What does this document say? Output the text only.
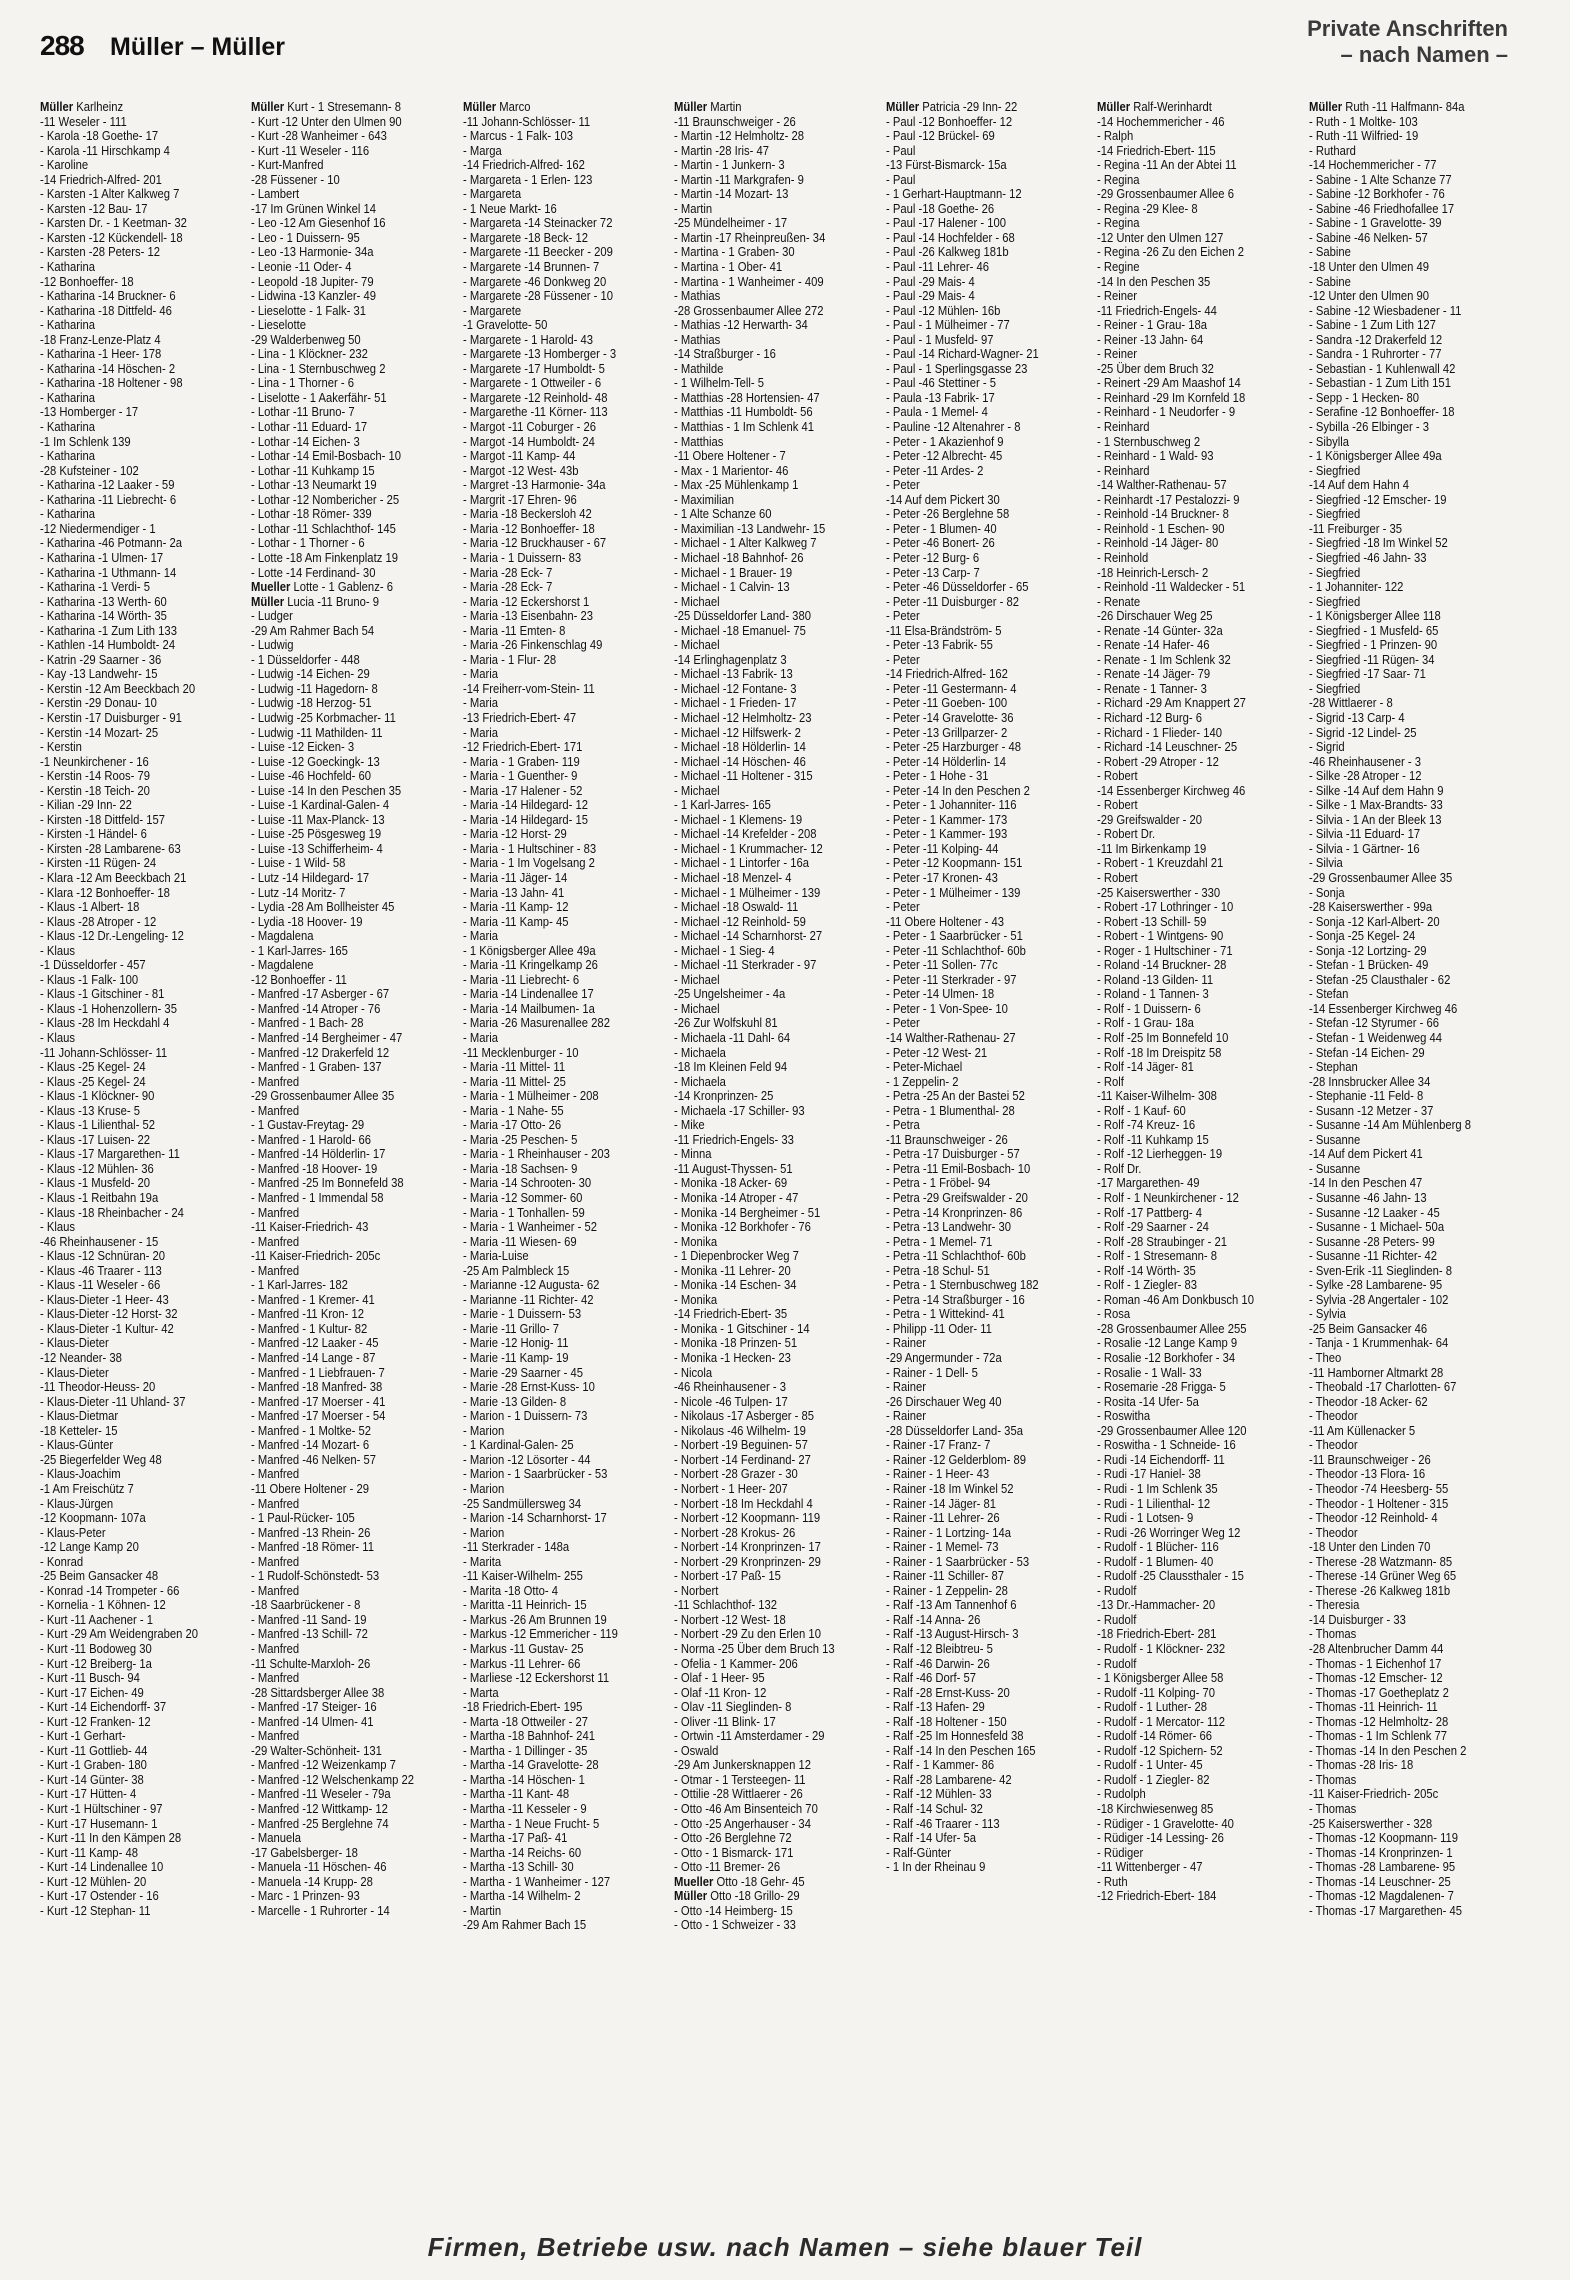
288 Müller – Müller
Private Anschriften
– nach Namen –
Müller Karlheinz
-11 Weseler - 111
- Karola -18 Goethe- 17
- Karola -11 Hirschkamp 4
- Karoline
-14 Friedrich-Alfred- 201
- Karsten -1 Alter Kalkweg 7
- Karsten -12 Bau- 17
- Karsten Dr. - 1 Keetman- 32
- Karsten -12 Kückendell- 18
- Karsten -28 Peters- 12
- Katharina
-12 Bonhoeffer- 18
- Katharina -14 Bruckner- 6
- Katharina -18 Dittfeld- 46
- Katharina
-18 Franz-Lenze-Platz 4
- Katharina -1 Heer- 178
- Katharina -14 Höschen- 2
- Katharina -18 Holtener - 98
- Katharina
-13 Homberger - 17
- Katharina
-1 Im Schlenk 139
- Katharina
-28 Kufsteiner - 102
- Katharina -12 Laaker - 59
- Katharina -11 Liebrecht- 6
- Katharina
-12 Niedermendiger - 1
- Katharina -46 Potmann- 2a
- Katharina -1 Ulmen- 17
- Katharina -1 Uthmann- 14
- Katharina -1 Verdi- 5
- Katharina -13 Werth- 60
- Katharina -14 Wörth- 35
- Katharina -1 Zum Lith 133
- Kathlen -14 Humboldt- 24
- Katrin -29 Saarner - 36
- Kay -13 Landwehr- 15
- Kerstin -12 Am Beeckbach 20
- Kerstin -29 Donau- 10
- Kerstin -17 Duisburger - 91
- Kerstin -14 Mozart- 25
- Kerstin
-1 Neunkirchener - 16
- Kerstin -14 Roos- 79
- Kerstin -18 Teich- 20
- Kilian -29 Inn- 22
- Kirsten -18 Dittfeld- 157
- Kirsten -1 Händel- 6
- Kirsten -28 Lambarene- 63
- Kirsten -11 Rügen- 24
- Klara -12 Am Beeckbach 21
- Klara -12 Bonhoeffer- 18
- Klaus -1 Albert- 18
- Klaus -28 Atroper - 12
- Klaus -12 Dr.-Lengeling- 12
- Klaus
-1 Düsseldorfer - 457
- Klaus -1 Falk- 100
- Klaus -1 Gitschiner - 81
- Klaus -1 Hohenzollern- 35
- Klaus -28 Im Heckdahl 4
- Klaus
-11 Johann-Schlösser- 11
- Klaus -25 Kegel- 24
- Klaus -25 Kegel- 24
- Klaus -1 Klöckner- 90
- Klaus -13 Kruse- 5
- Klaus -1 Lilienthal- 52
- Klaus -17 Luisen- 22
- Klaus -17 Margarethen- 11
- Klaus -12 Mühlen- 36
- Klaus -1 Musfeld- 20
- Klaus -1 Reitbahn 19a
- Klaus -18 Rheinbacher - 24
- Klaus
-46 Rheinhausener - 15
- Klaus -12 Schnüran- 20
- Klaus -46 Traarer - 113
- Klaus -11 Weseler - 66
- Klaus-Dieter -1 Heer- 43
- Klaus-Dieter -12 Horst- 32
- Klaus-Dieter -1 Kultur- 42
- Klaus-Dieter
-12 Neander- 38
- Klaus-Dieter
-11 Theodor-Heuss- 20
- Klaus-Dieter -11 Uhland- 37
- Klaus-Dietmar
-18 Ketteler- 15
- Klaus-Günter
-25 Biegerfelder Weg 48
- Klaus-Joachim
-1 Am Freischütz 7
- Klaus-Jürgen
-12 Koopmann- 107a
- Klaus-Peter
-12 Lange Kamp 20
- Konrad
-25 Beim Gansacker 48
- Konrad -14 Trompeter - 66
- Kornelia - 1 Köhnen- 12
- Kurt -11 Aachener - 1
- Kurt -29 Am Weidengraben 20
- Kurt -11 Bodoweg 30
- Kurt -12 Breiberg- 1a
- Kurt -11 Busch- 94
- Kurt -17 Eichen- 49
- Kurt -14 Eichendorff- 37
- Kurt -12 Franken- 12
- Kurt -1 Gerhart-
- Kurt -11 Gottlieb- 44
- Kurt -1 Graben- 180
- Kurt -14 Günter- 38
- Kurt -17 Hütten- 4
- Kurt -1 Hültschiner - 97
- Kurt -17 Husemann- 1
- Kurt -11 In den Kämpen 28
- Kurt -11 Kamp- 48
- Kurt -14 Lindenallee 10
- Kurt -12 Mühlen- 20
- Kurt -17 Ostender - 16
- Kurt -12 Stephan- 11
Müller Kurt - 1 Stresemann- 8
- Kurt -12 Unter den Ulmen 90
- Kurt -28 Wanheimer - 643
- Kurt -11 Weseler - 116
- Kurt-Manfred
-28 Füssener - 10
- Lambert
-17 Im Grünen Winkel 14
- Leo -12 Am Giesenhof 16
- Leo - 1 Duissern- 95
- Leo -13 Harmonie- 34a
- Leonie -11 Oder- 4
- Leopold -18 Jupiter- 79
- Lidwina -13 Kanzler- 49
- Lieselotte - 1 Falk- 31
- Lieselotte
-29 Walderbenweg 50
- Lina - 1 Klöckner- 232
- Lina - 1 Sternbuschweg 2
- Lina - 1 Thorner - 6
- Liselotte - 1 Aakerfähr- 51
- Lothar -11 Bruno- 7
- Lothar -11 Eduard- 17
- Lothar -14 Eichen- 3
- Lothar -14 Emil-Bosbach- 10
- Lothar -11 Kuhkamp 15
- Lothar -13 Neumarkt 19
- Lothar -12 Nombericher - 25
- Lothar -18 Römer- 339
- Lothar -11 Schlachthof- 145
- Lothar - 1 Thorner - 6
- Lotte -18 Am Finkenplatz 19
- Lotte -14 Ferdinand- 30
Mueller Lotte - 1 Gablenz- 6
Müller Lucia -11 Bruno- 9
- Ludger
-29 Am Rahmer Bach 54
- Ludwig
- 1 Düsseldorfer - 448
- Ludwig -14 Eichen- 29
- Ludwig -11 Hagedorn- 8
- Ludwig -18 Herzog- 51
- Ludwig -25 Korbmacher- 11
- Ludwig -11 Mathilden- 11
- Luise -12 Eicken- 3
- Luise -12 Goeckingk- 13
- Luise -46 Hochfeld- 60
- Luise -14 In den Peschen 35
- Luise -1 Kardinal-Galen- 4
- Luise -11 Max-Planck- 13
- Luise -25 Pösgesweg 19
- Luise -13 Schifferheim- 4
- Luise - 1 Wild- 58
- Lutz -14 Hildegard- 17
- Lutz -14 Moritz- 7
- Lydia -28 Am Bollheister 45
- Lydia -18 Hoover- 19
- Magdalena
- 1 Karl-Jarres- 165
- Magdalene
-12 Bonhoeffer - 11
- Manfred -17 Asberger - 67
- Manfred -14 Atroper - 76
- Manfred - 1 Bach- 28
- Manfred -14 Bergheimer - 47
- Manfred -12 Drakerfeld 12
- Manfred - 1 Graben- 137
- Manfred
-29 Grossenbaumer Allee 35
- Manfred
- 1 Gustav-Freytag- 29
- Manfred - 1 Harold- 66
- Manfred -14 Hölderlin- 17
- Manfred -18 Hoover- 19
- Manfred -25 Im Bonnefeld 38
- Manfred - 1 Immendal 58
- Manfred
-11 Kaiser-Friedrich- 43
- Manfred
-11 Kaiser-Friedrich- 205c
- Manfred
- 1 Karl-Jarres- 182
- Manfred - 1 Kremer- 41
- Manfred -11 Kron- 12
- Manfred - 1 Kultur- 82
- Manfred -12 Laaker - 45
- Manfred -14 Lange - 87
- Manfred - 1 Liebfrauen- 7
- Manfred -18 Manfred- 38
- Manfred -17 Moerser - 41
- Manfred -17 Moerser - 54
- Manfred - 1 Moltke- 52
- Manfred -14 Mozart- 6
- Manfred -46 Nelken- 57
- Manfred
-11 Obere Holtener - 29
- Manfred
- 1 Paul-Rücker- 105
- Manfred -13 Rhein- 26
- Manfred -18 Römer- 11
- Manfred
- 1 Rudolf-Schönstedt- 53
- Manfred
-18 Saarbrückener - 8
- Manfred -11 Sand- 19
- Manfred -13 Schill- 72
- Manfred
-11 Schulte-Marxloh- 26
- Manfred
-28 Sittardsberger Allee 38
- Manfred -17 Steiger- 16
- Manfred -14 Ulmen- 41
- Manfred
-29 Walter-Schönheit- 131
- Manfred -12 Weizenkamp 7
- Manfred -12 Welschenkamp 22
- Manfred -11 Weseler - 79a
- Manfred -12 Wittkamp- 12
- Manfred -25 Berglehne 74
- Manuela
-17 Gabelsberger- 18
- Manuela -11 Höschen- 46
- Manuela -14 Krupp- 28
- Marc - 1 Prinzen- 93
- Marcelle - 1 Ruhrorter - 14
Müller Marco
-11 Johann-Schlösser- 11
- Marcus - 1 Falk- 103
- Marga
-14 Friedrich-Alfred- 162
- Margareta - 1 Erlen- 123
- Margareta
- 1 Neue Markt- 16
- Margareta -14 Steinacker 72
- Margarete -18 Beck- 12
- Margarete -11 Beecker - 209
- Margarete -14 Brunnen- 7
- Margarete -46 Donkweg 20
- Margarete -28 Füssener - 10
- Margarete
-1 Gravelotte- 50
- Margarete - 1 Harold- 43
- Margarete -13 Homberger - 3
- Margarete -17 Humboldt- 5
- Margarete - 1 Ottweiler - 6
- Margarete -12 Reinhold- 48
- Margarethe -11 Körner- 113
- Margot -11 Coburger - 26
- Margot -14 Humboldt- 24
- Margot -11 Kamp- 44
- Margot -12 West- 43b
- Margret -13 Harmonie- 34a
- Margrit -17 Ehren- 96
- Maria -18 Beckersloh 42
- Maria -12 Bonhoeffer- 18
- Maria -12 Bruckhauser - 67
- Maria - 1 Duissern- 83
- Maria -28 Eck- 7
- Maria -28 Eck- 7
- Maria -12 Eckershorst 1
- Maria -13 Eisenbahn- 23
- Maria -11 Emten- 8
- Maria -26 Finkenschlag 49
- Maria - 1 Flur- 28
- Maria
-14 Freiherr-vom-Stein- 11
- Maria
-13 Friedrich-Ebert- 47
- Maria
-12 Friedrich-Ebert- 171
- Maria - 1 Graben- 119
- Maria - 1 Guenther- 9
- Maria -17 Halener - 52
- Maria -14 Hildegard- 12
- Maria -14 Hildegard- 15
- Maria -12 Horst- 29
- Maria - 1 Hultschiner - 83
- Maria - 1 Im Vogelsang 2
- Maria -11 Jäger- 14
- Maria -13 Jahn- 41
- Maria -11 Kamp- 12
- Maria -11 Kamp- 45
- Maria
- 1 Königsberger Allee 49a
- Maria -11 Kringelkamp 26
- Maria -11 Liebrecht- 6
- Maria -14 Lindenallee 17
- Maria -14 Mailbumen- 1a
- Maria -26 Masurenallee 282
- Maria
-11 Mecklenburger - 10
- Maria -11 Mittel- 11
- Maria -11 Mittel- 25
- Maria - 1 Mülheimer - 208
- Maria - 1 Nahe- 55
- Maria -17 Otto- 26
- Maria -25 Peschen- 5
- Maria - 1 Rheinhauser - 203
- Maria -18 Sachsen- 9
- Maria -14 Schrooten- 30
- Maria -12 Sommer- 60
- Maria - 1 Tonhallen- 59
- Maria - 1 Wanheimer - 52
- Maria -11 Wiesen- 69
- Maria-Luise
-25 Am Palmbleck 15
- Marianne -12 Augusta- 62
- Marianne -11 Richter- 42
- Marie - 1 Duissern- 53
- Marie -11 Grillo- 7
- Marie -12 Honig- 11
- Marie -11 Kamp- 19
- Marie -29 Saarner - 45
- Marie -28 Ernst-Kuss- 10
- Marie -13 Gilden- 8
- Marion - 1 Duissern- 73
- Marion
- 1 Kardinal-Galen- 25
- Marion -12 Lösorter - 44
- Marion - 1 Saarbrücker - 53
- Marion
-25 Sandmüllersweg 34
- Marion -14 Scharnhorst- 17
- Marion
-11 Sterkrader - 148a
- Marita
-11 Kaiser-Wilhelm- 255
- Marita -18 Otto- 4
- Maritta -11 Heinrich- 15
- Markus -26 Am Brunnen 19
- Markus -12 Emmericher - 119
- Markus -11 Gustav- 25
- Markus -11 Lehrer- 66
- Marliese -12 Eckershorst 11
- Marta
-18 Friedrich-Ebert- 195
- Marta -18 Ottweiler - 27
- Martha -18 Bahnhof- 241
- Martha - 1 Dillinger - 35
- Martha -14 Gravelotte- 28
- Martha -14 Höschen- 1
- Martha -11 Kant- 48
- Martha -11 Kesseler - 9
- Martha - 1 Neue Frucht- 5
- Martha -17 Paß- 41
- Martha -14 Reichs- 60
- Martha -13 Schill- 30
- Martha - 1 Wanheimer - 127
- Martha -14 Wilhelm- 2
- Martin
-29 Am Rahmer Bach 15
Müller Martin
-11 Braunschweiger - 26
- Martin -12 Helmholtz- 28
- Martin -28 Iris- 47
- Martin - 1 Junkern- 3
- Martin -11 Markgrafen- 9
- Martin -14 Mozart- 13
- Martin
-25 Mündelheimer - 17
- Martin -17 Rheinpreußen- 34
- Martina - 1 Graben- 30
- Martina - 1 Ober- 41
- Martina - 1 Wanheimer - 409
- Mathias
-28 Grossenbaumer Allee 272
- Mathias -12 Herwarth- 34
- Mathias
-14 Straßburger - 16
- Mathilde
- 1 Wilhelm-Tell- 5
- Matthias -28 Hortensien- 47
- Matthias -11 Humboldt- 56
- Matthias - 1 Im Schlenk 41
- Matthias
-11 Obere Holtener - 7
- Max - 1 Marientor- 46
- Max -25 Mühlenkamp 1
- Maximilian
- 1 Alte Schanze 60
- Maximilian -13 Landwehr- 15
- Michael - 1 Alter Kalkweg 7
- Michael -18 Bahnhof- 26
- Michael - 1 Brauer- 19
- Michael - 1 Calvin- 13
- Michael
-25 Düsseldorfer Land- 380
- Michael -18 Emanuel- 75
- Michael
-14 Erlinghagenplatz 3
- Michael -13 Fabrik- 13
- Michael -12 Fontane- 3
- Michael - 1 Frieden- 17
- Michael -12 Helmholtz- 23
- Michael -12 Hilfswerk- 2
- Michael -18 Hölderlin- 14
- Michael -14 Höschen- 46
- Michael -11 Holtener - 315
- Michael
- 1 Karl-Jarres- 165
- Michael - 1 Klemens- 19
- Michael -14 Krefelder - 208
- Michael - 1 Krummacher- 12
- Michael - 1 Lintorfer - 16a
- Michael -18 Menzel- 4
- Michael - 1 Mülheimer - 139
- Michael -18 Oswald- 11
- Michael -12 Reinhold- 59
- Michael -14 Scharnhorst- 27
- Michael - 1 Sieg- 4
- Michael -11 Sterkrader - 97
- Michael
-25 Ungelsheimer - 4a
- Michael
-26 Zur Wolfskuhl 81
- Michaela -11 Dahl- 64
- Michaela
-18 Im Kleinen Feld 94
- Michaela
-14 Kronprinzen- 25
- Michaela -17 Schiller- 93
- Mike
-11 Friedrich-Engels- 33
- Minna
-11 August-Thyssen- 51
- Monika -18 Acker- 69
- Monika -14 Atroper - 47
- Monika -14 Bergheimer - 51
- Monika -12 Borkhofer - 76
- Monika
- 1 Diepenbrocker Weg 7
- Monika -11 Lehrer- 20
- Monika -14 Eschen- 34
- Monika
-14 Friedrich-Ebert- 35
- Monika - 1 Gitschiner - 14
- Monika -18 Prinzen- 51
- Monika -1 Hecken- 23
- Nicola
-46 Rheinhausener - 3
- Nicole -46 Tulpen- 17
- Nikolaus -17 Asberger - 85
- Nikolaus -46 Wilhelm- 19
- Norbert -19 Beguinen- 57
- Norbert -14 Ferdinand- 27
- Norbert -28 Grazer - 30
- Norbert - 1 Heer- 207
- Norbert -18 Im Heckdahl 4
- Norbert -12 Koopmann- 119
- Norbert -28 Krokus- 26
- Norbert -14 Kronprinzen- 17
- Norbert -29 Kronprinzen- 29
- Norbert -17 Paß- 15
- Norbert
-11 Schlachthof- 132
- Norbert -12 West- 18
- Norbert -29 Zu den Erlen 10
- Norma -25 Über dem Bruch 13
- Ofelia - 1 Kammer- 206
- Olaf - 1 Heer- 95
- Olaf -11 Kron- 12
- Olav -11 Sieglinden- 8
- Oliver -11 Blink- 17
- Ortwin -11 Amsterdamer - 29
- Oswald
-29 Am Junkersknappen 12
- Otmar - 1 Tersteegen- 11
- Ottilie -28 Wittlaerer - 26
- Otto -46 Am Binsenteich 70
- Otto -25 Angerhauser - 34
- Otto -26 Berglehne 72
- Otto - 1 Bismarck- 171
- Otto -11 Bremer- 26
Mueller Otto -18 Gehr- 45
Müller Otto -18 Grillo- 29
- Otto -14 Heimberg- 15
- Otto - 1 Schweizer - 33
Müller Patricia -29 Inn- 22
- Paul -12 Bonhoeffer- 12
- Paul -12 Brückel- 69
- Paul
-13 Fürst-Bismarck- 15a
- Paul
- 1 Gerhart-Hauptmann- 12
- Paul -18 Goethe- 26
- Paul -17 Halener - 100
- Paul -14 Hochfelder - 68
- Paul -26 Kalkweg 181b
- Paul -11 Lehrer- 46
- Paul -29 Mais- 4
- Paul -29 Mais- 4
- Paul -12 Mühlen- 16b
- Paul - 1 Mülheimer - 77
- Paul - 1 Musfeld- 97
- Paul -14 Richard-Wagner- 21
- Paul - 1 Sperlingsgasse 23
- Paul -46 Stettiner - 5
- Paula -13 Fabrik- 17
- Paula - 1 Memel- 4
- Pauline -12 Altenahrer - 8
- Peter - 1 Akazienhof 9
- Peter -12 Albrecht- 45
- Peter -11 Ardes- 2
- Peter
-14 Auf dem Pickert 30
- Peter -26 Berglehne 58
- Peter - 1 Blumen- 40
- Peter -46 Bonert- 26
- Peter -12 Burg- 6
- Peter -13 Carp- 7
- Peter -46 Düsseldorfer - 65
- Peter -11 Duisburger - 82
- Peter
-11 Elsa-Brändström- 5
- Peter -13 Fabrik- 55
- Peter
-14 Friedrich-Alfred- 162
- Peter -11 Gestermann- 4
- Peter -11 Goeben- 100
- Peter -14 Gravelotte- 36
- Peter -13 Grillparzer- 2
- Peter -25 Harzburger - 48
- Peter -14 Hölderlin- 14
- Peter - 1 Hohe - 31
- Peter -14 In den Peschen 2
- Peter - 1 Johanniter- 116
- Peter - 1 Kammer- 173
- Peter - 1 Kammer- 193
- Peter -11 Kolping- 44
- Peter -12 Koopmann- 151
- Peter -17 Kronen- 43
- Peter - 1 Mülheimer - 139
- Peter
-11 Obere Holtener - 43
- Peter - 1 Saarbrücker - 51
- Peter -11 Schlachthof- 60b
- Peter -11 Sollen- 77c
- Peter -11 Sterkrader - 97
- Peter -14 Ulmen- 18
- Peter - 1 Von-Spee- 10
- Peter
-14 Walther-Rathenau- 27
- Peter -12 West- 21
- Peter-Michael
- 1 Zeppelin- 2
- Petra -25 An der Bastei 52
- Petra - 1 Blumenthal- 28
- Petra
-11 Braunschweiger - 26
- Petra -17 Duisburger - 57
- Petra -11 Emil-Bosbach- 10
- Petra - 1 Fröbel- 94
- Petra -29 Greifswalder - 20
- Petra -14 Kronprinzen- 86
- Petra -13 Landwehr- 30
- Petra - 1 Memel- 71
- Petra -11 Schlachthof- 60b
- Petra -18 Schul- 51
- Petra - 1 Sternbuschweg 182
- Petra -14 Straßburger - 16
- Petra - 1 Wittekind- 41
- Philipp -11 Oder- 11
- Rainer
-29 Angermunder - 72a
- Rainer - 1 Dell- 5
- Rainer
-26 Dirschauer Weg 40
- Rainer
-28 Düsseldorfer Land- 35a
- Rainer -17 Franz- 7
- Rainer -12 Gelderblom- 89
- Rainer - 1 Heer- 43
- Rainer -18 Im Winkel 52
- Rainer -14 Jäger- 81
- Rainer -11 Lehrer- 26
- Rainer - 1 Lortzing- 14a
- Rainer - 1 Memel- 73
- Rainer - 1 Saarbrücker - 53
- Rainer -11 Schiller- 87
- Rainer - 1 Zeppelin- 28
- Ralf -13 Am Tannenhof 6
- Ralf -14 Anna- 26
- Ralf -13 August-Hirsch- 3
- Ralf -12 Bleibtreu- 5
- Ralf -46 Darwin- 26
- Ralf -46 Dorf- 57
- Ralf -28 Ernst-Kuss- 20
- Ralf -13 Hafen- 29
- Ralf -18 Holtener - 150
- Ralf -25 Im Honnesfeld 38
- Ralf -14 In den Peschen 165
- Ralf - 1 Kammer- 86
- Ralf -28 Lambarene- 42
- Ralf -12 Mühlen- 33
- Ralf -14 Schul- 32
- Ralf -46 Traarer - 113
- Ralf -14 Ufer- 5a
- Ralf-Günter
- 1 In der Rheinau 9
Müller Ralf-Werinhardt
-14 Hochemmericher - 46
- Ralph
-14 Friedrich-Ebert- 115
- Regina -11 An der Abtei 11
- Regina
-29 Grossenbaumer Allee 6
- Regina -29 Klee- 8
- Regina
-12 Unter den Ulmen 127
- Regina -26 Zu den Eichen 2
- Regine
-14 In den Peschen 35
- Reiner
-11 Friedrich-Engels- 44
- Reiner - 1 Grau- 18a
- Reiner -13 Jahn- 64
- Reiner
-25 Über dem Bruch 32
- Reinert -29 Am Maashof 14
- Reinhard -29 Im Kornfeld 18
- Reinhard - 1 Neudorfer - 9
- Reinhard
- 1 Sternbuschweg 2
- Reinhard - 1 Wald- 93
- Reinhard
-14 Walther-Rathenau- 57
- Reinhardt -17 Pestalozzi- 9
- Reinhold -14 Bruckner- 8
- Reinhold - 1 Eschen- 90
- Reinhold -14 Jäger- 80
- Reinhold
-18 Heinrich-Lersch- 2
- Reinhold -11 Waldecker - 51
- Renate
-26 Dirschauer Weg 25
- Renate -14 Günter- 32a
- Renate -14 Hafer- 46
- Renate - 1 Im Schlenk 32
- Renate -14 Jäger- 79
- Renate - 1 Tanner- 3
- Richard -29 Am Knappert 27
- Richard -12 Burg- 6
- Richard - 1 Flieder- 140
- Richard -14 Leuschner- 25
- Robert -29 Atroper - 12
- Robert
-14 Essenberger Kirchweg 46
- Robert
-29 Greifswalder - 20
- Robert Dr.
-11 Im Birkenkamp 19
- Robert - 1 Kreuzdahl 21
- Robert
-25 Kaiserswerther - 330
- Robert -17 Lothringer - 10
- Robert -13 Schill- 59
- Robert - 1 Wintgens- 90
- Roger - 1 Hultschiner - 71
- Roland -14 Bruckner- 28
- Roland -13 Gilden- 11
- Roland - 1 Tannen- 3
- Rolf - 1 Duissern- 6
- Rolf - 1 Grau- 18a
- Rolf -25 Im Bonnefeld 10
- Rolf -18 Im Dreispitz 58
- Rolf -14 Jäger- 81
- Rolf
-11 Kaiser-Wilhelm- 308
- Rolf - 1 Kauf- 60
- Rolf -74 Kreuz- 16
- Rolf -11 Kuhkamp 15
- Rolf -12 Lierheggen- 19
- Rolf Dr.
-17 Margarethen- 49
- Rolf - 1 Neunkirchener - 12
- Rolf -17 Pattberg- 4
- Rolf -29 Saarner - 24
- Rolf -28 Straubinger - 21
- Rolf - 1 Stresemann- 8
- Rolf -14 Wörth- 35
- Rolf - 1 Ziegler- 83
- Roman -46 Am Donkbusch 10
- Rosa
-28 Grossenbaumer Allee 255
- Rosalie -12 Lange Kamp 9
- Rosalie -12 Borkhofer - 34
- Rosalie - 1 Wall- 33
- Rosemarie -28 Frigga- 5
- Rosita -14 Ufer- 5a
- Roswitha
-29 Grossenbaumer Allee 120
- Roswitha - 1 Schneide- 16
- Rudi -14 Eichendorff- 11
- Rudi -17 Haniel- 38
- Rudi - 1 Im Schlenk 35
- Rudi - 1 Lilienthal- 12
- Rudi - 1 Lotsen- 9
- Rudi -26 Worringer Weg 12
- Rudolf - 1 Blücher- 116
- Rudolf - 1 Blumen- 40
- Rudolf -25 Claussthaler - 15
- Rudolf
-13 Dr.-Hammacher- 20
- Rudolf
-18 Friedrich-Ebert- 281
- Rudolf - 1 Klöckner- 232
- Rudolf
- 1 Königsberger Allee 58
- Rudolf -11 Kolping- 70
- Rudolf - 1 Luther- 28
- Rudolf - 1 Mercator- 112
- Rudolf -14 Römer- 66
- Rudolf -12 Spichern- 52
- Rudolf - 1 Unter- 45
- Rudolf - 1 Ziegler- 82
- Rudolph
-18 Kirchwiesenweg 85
- Rüdiger - 1 Gravelotte- 40
- Rüdiger -14 Lessing- 26
- Rüdiger
-11 Wittenberger - 47
- Ruth
-12 Friedrich-Ebert- 184
Müller Ruth -11 Halfmann- 84a
- Ruth - 1 Moltke- 103
- Ruth -11 Wilfried- 19
- Ruthard
-14 Hochemmericher - 77
- Sabine - 1 Alte Schanze 77
- Sabine -12 Borkhofer - 76
- Sabine -46 Friedhofallee 17
- Sabine - 1 Gravelotte- 39
- Sabine -46 Nelken- 57
- Sabine
-18 Unter den Ulmen 49
- Sabine
-12 Unter den Ulmen 90
- Sabine -12 Wiesbadener - 11
- Sabine - 1 Zum Lith 127
- Sandra -12 Drakerfeld 12
- Sandra - 1 Ruhrorter - 77
- Sebastian - 1 Kuhlenwall 42
- Sebastian - 1 Zum Lith 151
- Sepp - 1 Hecken- 80
- Serafine -12 Bonhoeffer- 18
- Sybilla -26 Elbinger - 3
- Sibylla
- 1 Königsberger Allee 49a
- Siegfried
-14 Auf dem Hahn 4
- Siegfried -12 Emscher- 19
- Siegfried
-11 Freiburger - 35
- Siegfried -18 Im Winkel 52
- Siegfried -46 Jahn- 33
- Siegfried
- 1 Johanniter- 122
- Siegfried
- 1 Königsberger Allee 118
- Siegfried - 1 Musfeld- 65
- Siegfried - 1 Prinzen- 90
- Siegfried -11 Rügen- 34
- Siegfried -17 Saar- 71
- Siegfried
-28 Wittlaerer - 8
- Sigrid -13 Carp- 4
- Sigrid -12 Lindel- 25
- Sigrid
-46 Rheinhausener - 3
- Silke -28 Atroper - 12
- Silke -14 Auf dem Hahn 9
- Silke - 1 Max-Brandts- 33
- Silvia - 1 An der Bleek 13
- Silvia -11 Eduard- 17
- Silvia - 1 Gärtner- 16
- Silvia
-29 Grossenbaumer Allee 35
- Sonja
-28 Kaiserswerther - 99a
- Sonja -12 Karl-Albert- 20
- Sonja -25 Kegel- 24
- Sonja -12 Lortzing- 29
- Stefan - 1 Brücken- 49
- Stefan -25 Clausthaler - 62
- Stefan
-14 Essenberger Kirchweg 46
- Stefan -12 Styrumer - 66
- Stefan - 1 Weidenweg 44
- Stefan -14 Eichen- 29
- Stephan
-28 Innsbrucker Allee 34
- Stephanie -11 Feld- 8
- Susann -12 Metzer - 37
- Susanne -14 Am Mühlenberg 8
- Susanne
-14 Auf dem Pickert 41
- Susanne
-14 In den Peschen 47
- Susanne -46 Jahn- 13
- Susanne -12 Laaker - 45
- Susanne - 1 Michael- 50a
- Susanne -28 Peters- 99
- Susanne -11 Richter- 42
- Sven-Erik -11 Sieglinden- 8
- Sylke -28 Lambarene- 95
- Sylvia -28 Angertaler - 102
- Sylvia
-25 Beim Gansacker 46
- Tanja - 1 Krummenhak- 64
- Theo
-11 Hamborner Altmarkt 28
- Theobald -17 Charlotten- 67
- Theodor -18 Acker- 62
- Theodor
-11 Am Küllenacker 5
- Theodor
-11 Braunschweiger - 26
- Theodor -13 Flora- 16
- Theodor -74 Heesberg- 55
- Theodor - 1 Holtener - 315
- Theodor -12 Reinhold- 4
- Theodor
-18 Unter den Linden 70
- Therese -28 Watzmann- 85
- Therese -14 Grüner Weg 65
- Therese -26 Kalkweg 181b
- Theresia
-14 Duisburger - 33
- Thomas
-28 Altenbrucher Damm 44
- Thomas - 1 Eichenhof 17
- Thomas -12 Emscher- 12
- Thomas -17 Goetheplatz 2
- Thomas -11 Heinrich- 11
- Thomas -12 Helmholtz- 28
- Thomas - 1 Im Schlenk 77
- Thomas -14 In den Peschen 2
- Thomas -28 Iris- 18
- Thomas
-11 Kaiser-Friedrich- 205c
- Thomas
-25 Kaiserswerther - 328
- Thomas -12 Koopmann- 119
- Thomas -14 Kronprinzen- 1
- Thomas -28 Lambarene- 95
- Thomas -14 Leuschner- 25
- Thomas -12 Magdalenen- 7
- Thomas -17 Margarethen- 45
Firmen, Betriebe usw. nach Namen – siehe blauer Teil
